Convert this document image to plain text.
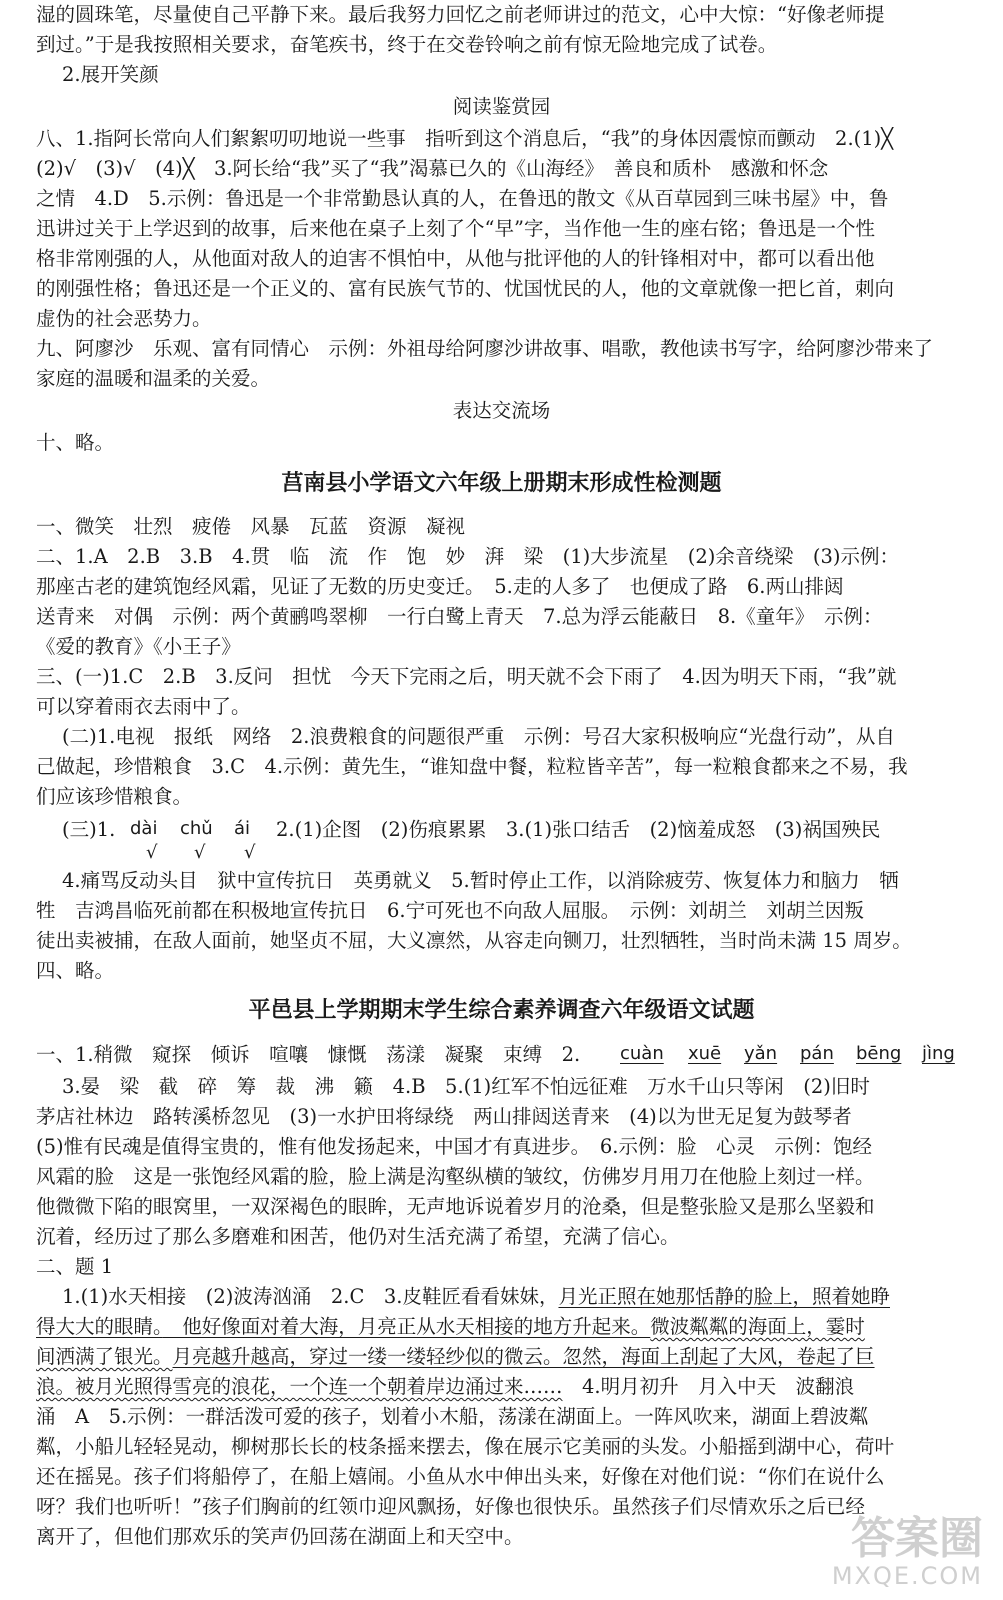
湿的圆珠笔，尽量使自己平静下来。最后我努力回忆之前老师讲过的范文，心中大惊：“好像老师提
到过。”于是我按照相关要求，奋笔疾书，终于在交卷铃响之前有惊无险地完成了试卷。
2.展开笑颜
阅读鉴赏园
八、1.指阿长常向人们絮絮叨叨地说一些事　指听到这个消息后，“我”的身体因震惊而颤动　2.(1)╳
(2)√　(3)√　(4)╳　3.阿长给“我”买了“我”渴慕已久的《山海经》　善良和质朴　感激和怀念
之情　4.D　5.示例：鲁迅是一个非常勤恳认真的人，在鲁迅的散文《从百草园到三味书屋》中，鲁
迅讲过关于上学迟到的故事，后来他在桌子上刻了个“早”字，当作他一生的座右铭；鲁迅是一个性
格非常刚强的人，从他面对敌人的迫害不惧怕中，从他与批评他的人的针锋相对中，都可以看出他
的刚强性格；鲁迅还是一个正义的、富有民族气节的、忧国忧民的人，他的文章就像一把匕首，刺向
虚伪的社会恶势力。
九、阿廖沙　乐观、富有同情心　示例：外祖母给阿廖沙讲故事、唱歌，教他读书写字，给阿廖沙带来了
家庭的温暖和温柔的关爱。
表达交流场
十、略。
莒南县小学语文六年级上册期末形成性检测题
一、微笑　壮烈　疲倦　风暴　瓦蓝　资源　凝视
二、1.A　2.B　3.B　4.贯　临　流　作　饱　妙　湃　梁　(1)大步流星　(2)余音绕梁　(3)示例：
那座古老的建筑饱经风霜，见证了无数的历史变迁。　5.走的人多了　也便成了路　6.两山排闼
送青来　对偶　示例：两个黄鹂鸣翠柳　一行白鹭上青天　7.总为浮云能蔽日　8.《童年》　示例：
《爱的教育》《小王子》
三、(一)1.C　2.B　3.反问　担忧　今天下完雨之后，明天就不会下雨了　4.因为明天下雨，“我”就
可以穿着雨衣去雨中了。
(二)1.电视　报纸　网络　2.浪费粮食的问题很严重　示例：号召大家积极响应“光盘行动”，从自
己做起，珍惜粮食　3.C　4.示例：黄先生，“谁知盘中餐，粒粒皆辛苦”，每一粒粮食都来之不易，我
们应该珍惜粮食。
(三)1. dài chǔ ái
√ √ √
2.(1)企图　(2)伤痕累累　3.(1)张口结舌　(2)恼羞成怒　(3)祸国殃民
4.痛骂反动头目　狱中宣传抗日　英勇就义　5.暂时停止工作，以消除疲劳、恢复体力和脑力　牺
牲　吉鸿昌临死前都在积极地宣传抗日　6.宁可死也不向敌人屈服。　示例：刘胡兰　刘胡兰因叛
徒出卖被捕，在敌人面前，她坚贞不屈，大义凛然，从容走向铡刀，壮烈牺牲，当时尚未满 15 周岁。
四、略。
平邑县上学期期末学生综合素养调查六年级语文试题
一、1.稍微　窥探　倾诉　喧嚷　慷慨　荡漾　凝聚　束缚　2. cuàn xuē yǎn pán bēng jìng
3.晏　梁　截　碎　筹　裁　沸　籁　4.B　5.(1)红军不怕远征难　万水千山只等闲　(2)旧时
茅店社林边　路转溪桥忽见　(3)一水护田将绿绕　两山排闼送青来　(4)以为世无足复为鼓琴者
(5)惟有民魂是值得宝贵的，惟有他发扬起来，中国才有真进步。　6.示例：脸　心灵　示例：饱经
风霜的脸　这是一张饱经风霜的脸，脸上满是沟壑纵横的皱纹，仿佛岁月用刀在他脸上刻过一样。
他微微下陷的眼窝里，一双深褐色的眼眸，无声地诉说着岁月的沧桑，但是整张脸又是那么坚毅和
沉着，经历过了那么多磨难和困苦，他仍对生活充满了希望，充满了信心。
二、题 1
1.(1)水天相接　(2)波涛汹涌　2.C　3.皮鞋匠看看妹妹，月光正照在她那恬静的脸上，照着她睁
得大大的眼睛。　他好像面对着大海，月亮正从水天相接的地方升起来。微波粼粼的海面上，霎时
间洒满了银光。月亮越升越高，穿过一缕一缕轻纱似的微云。忽然，海面上刮起了大风，卷起了巨
浪。被月光照得雪亮的浪花，一个连一个朝着岸边涌过来……　4.明月初升　月入中天　波翻浪
涌　A　5.示例：一群活泼可爱的孩子，划着小木船，荡漾在湖面上。一阵风吹来，湖面上碧波粼
粼，小船儿轻轻晃动，柳树那长长的枝条摇来摆去，像在展示它美丽的头发。小船摇到湖中心，荷叶
还在摇晃。孩子们将船停了，在船上嬉闹。小鱼从水中伸出头来，好像在对他们说：“你们在说什么
呀？我们也听听！”孩子们胸前的红领巾迎风飘扬，好像也很快乐。虽然孩子们尽情欢乐之后已经
离开了，但他们那欢乐的笑声仍回荡在湖面上和天空中。	答案圈
MXQE.COM
